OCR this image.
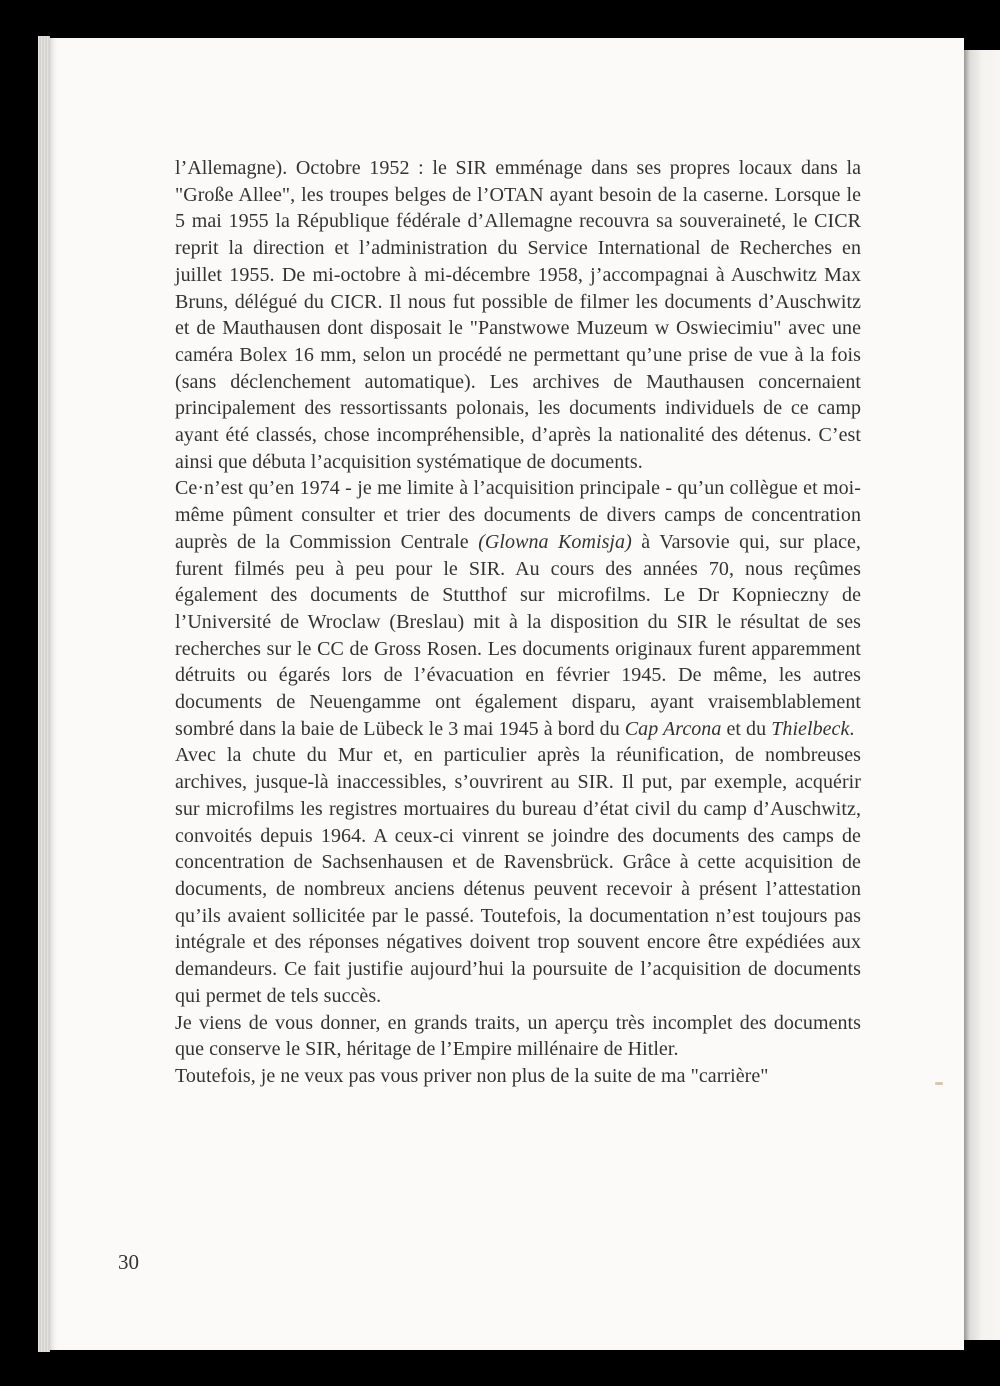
l’Allemagne). Octobre 1952 : le SIR emménage dans ses propres locaux dans la "Große Allee", les troupes belges de l’OTAN ayant besoin de la caserne. Lorsque le 5 mai 1955 la République fédérale d’Allemagne recouvra sa souveraineté, le CICR reprit la direction et l’administration du Service International de Recherches en juillet 1955. De mi-octobre à mi-décembre 1958, j’accompagnai à Auschwitz Max Bruns, délégué du CICR. Il nous fut possible de filmer les documents d’Auschwitz et de Mauthausen dont disposait le "Panstwowe Muzeum w Oswiecimiu" avec une caméra Bolex 16 mm, selon un procédé ne permettant qu’une prise de vue à la fois (sans déclenchement automatique). Les archives de Mauthausen concernaient principalement des ressortissants polonais, les documents individuels de ce camp ayant été classés, chose incompréhensible, d’après la nationalité des détenus. C’est ainsi que débuta l’acquisition systématique de documents.

Ce·n’est qu’en 1974 - je me limite à l’acquisition principale - qu’un collègue et moi-même pûment consulter et trier des documents de divers camps de concentration auprès de la Commission Centrale (Glowna Komisja) à Varsovie qui, sur place, furent filmés peu à peu pour le SIR. Au cours des années 70, nous reçûmes également des documents de Stutthof sur microfilms. Le Dr Kopnieczny de l’Université de Wroclaw (Breslau) mit à la disposition du SIR le résultat de ses recherches sur le CC de Gross Rosen. Les documents originaux furent apparemment détruits ou égarés lors de l’évacuation en février 1945. De même, les autres documents de Neuengamme ont également disparu, ayant vraisemblablement sombré dans la baie de Lübeck le 3 mai 1945 à bord du Cap Arcona et du Thielbeck.

Avec la chute du Mur et, en particulier après la réunification, de nombreuses archives, jusque-là inaccessibles, s’ouvrirent au SIR. Il put, par exemple, acquérir sur microfilms les registres mortuaires du bureau d’état civil du camp d’Auschwitz, convoités depuis 1964. A ceux-ci vinrent se joindre des documents des camps de concentration de Sachsenhausen et de Ravensbrück. Grâce à cette acquisition de documents, de nombreux anciens détenus peuvent recevoir à présent l’attestation qu’ils avaient sollicitée par le passé. Toutefois, la documentation n’est toujours pas intégrale et des réponses négatives doivent trop souvent encore être expédiées aux demandeurs. Ce fait justifie aujourd’hui la poursuite de l’acquisition de documents qui permet de tels succès.

Je viens de vous donner, en grands traits, un aperçu très incomplet des documents que conserve le SIR, héritage de l’Empire millénaire de Hitler.

Toutefois, je ne veux pas vous priver non plus de la suite de ma "carrière"

30
